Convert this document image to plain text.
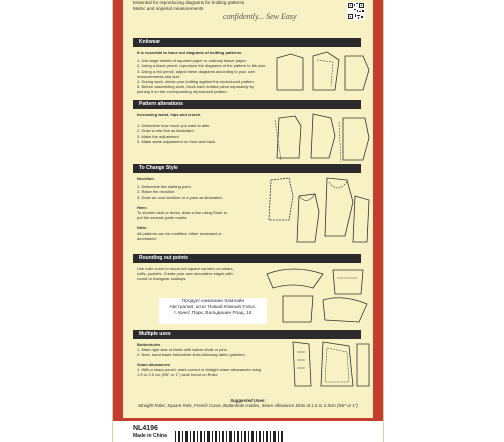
Essential for reproducing diagrams for knitting patterns
Metric and imperial measurements
confidently... Sew Easy
Knitwear
It is essential to trace out diagrams of knitting patterns
1. Use large sheets of squared paper or ordinary tissue paper.
2. Using a black pencil, reproduce the diagrams of the pattern to life-size.
3. Using a red pencil, adjust these diagrams according to your own
measurements and size.
4. During work, check your knitting against the reproduced pattern.
5. Before assembling work, block each knitted piece separately by
pinning it on the corresponding reproduced pattern.
Pattern alterations
Increasing waist, hips and crotch.
1. Determine how much you want to alter.
2. Draw a new line as illustrated.
3. Make the adjustment.
4. Make same adjustment on front and back.
To Change Style
Neckline:
1. Determine the starting point.
2. Raise the neckline.
3. Draw an oval neckline or a yoke as illustrated.
Hem:
To shorten skirt or dress, draw a line using Ruler to
put the several guide marks.
Note:
All patterns can be modified: either increased or
decreased.
Rounding out points
Use ruler curve to round out square corners on collars,
cuffs, pockets. Create your own decorative edges with
round or triangular scallops.
Продукт компании Хемлайн
Австралия, штат Новый Южный Уэльс,
г. Кингс Парк, Вальдишин Роад, 16
Multiple uses
Buttonholes
1. Mark right side of fabric with tailors chalk or pins.
2. Next, hand baste buttonhole lines following fabric grainline.
Seam allowances
1. With a sharp pencil, mark curved or straight seam allowances using
1.5 or 2.5 cm (5/8" or 1") slots found on Ruler.
Suggested Uses:
Straight Ruler, Square Rule, French Curve, Buttonhole Guides, Seam Allowance Slots at 1.5 or 2.5cm (5/8" or 1")
NL4196
Made in China
